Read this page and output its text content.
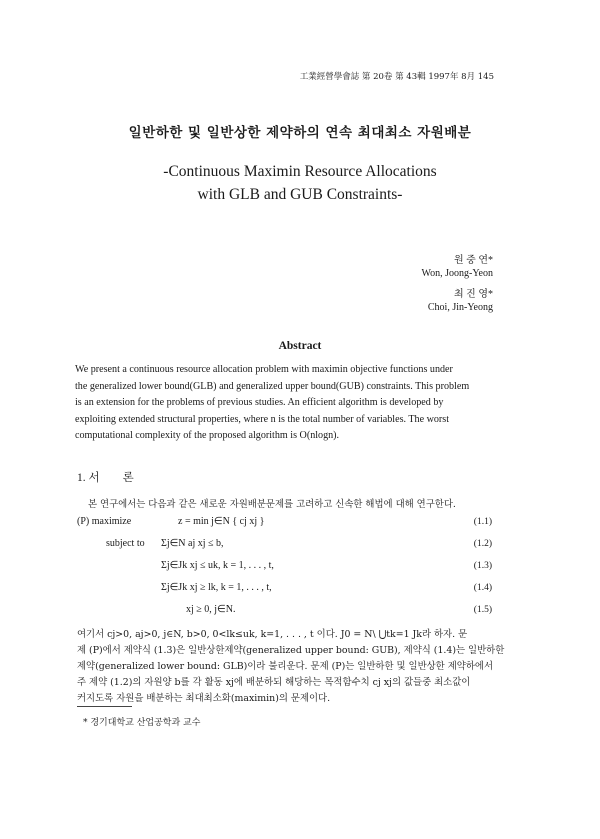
工業經營學會誌 第 20卷 第 43輯 1997年 8月 145
일반하한 및 일반상한 제약하의 연속 최대최소 자원배분
-Continuous Maximin Resource Allocations
with GLB and GUB Constraints-
원 중 연*
Won, Joong-Yeon
최 진 영*
Choi, Jin-Yeong
Abstract
We present a continuous resource allocation problem with maximin objective functions under
the generalized lower bound(GLB) and generalized upper bound(GUB) constraints. This problem
is an extension for the problems of previous studies. An efficient algorithm is developed by
exploiting extended structural properties, where n is the total number of variables. The worst
computational complexity of the proposed algorithm is O(nlogn).
1. 서　　론
본 연구에서는 다음과 같은 새로운 자원배분문제를 고려하고 신속한 해법에 대해 연구한다.
(P) maximize	z = min j∈N { cj xj }	(1.1)
subject to Σj∈N aj xj ≤ b,	(1.2)
Σj∈Jk xj ≤ uk, k = 1, . . . , t,	(1.3)
Σj∈Jk xj ≥ lk, k = 1, . . . , t,	(1.4)
xj ≥ 0, j∈N.	(1.5)
여기서 cj>0, aj>0, j∈N, b>0, 0<lk≤uk, k=1, . . . , t 이다. J0 = N\ ⋃tk=1 Jk라 하자. 문
제 (P)에서 제약식 (1.3)은 일반상한제약(generalized upper bound: GUB), 제약식 (1.4)는 일반하한
제약(generalized lower bound: GLB)이라 불리운다. 문제 (P)는 일반하한 및 일반상한 제약하에서
주 제약 (1.2)의 자원양 b를 각 활동 xj에 배분하되 해당하는 목적함수치 cj xj의 값들중 최소값이
커지도록 자원을 배분하는 최대최소화(maximin)의 문제이다.
* 경기대학교 산업공학과 교수
